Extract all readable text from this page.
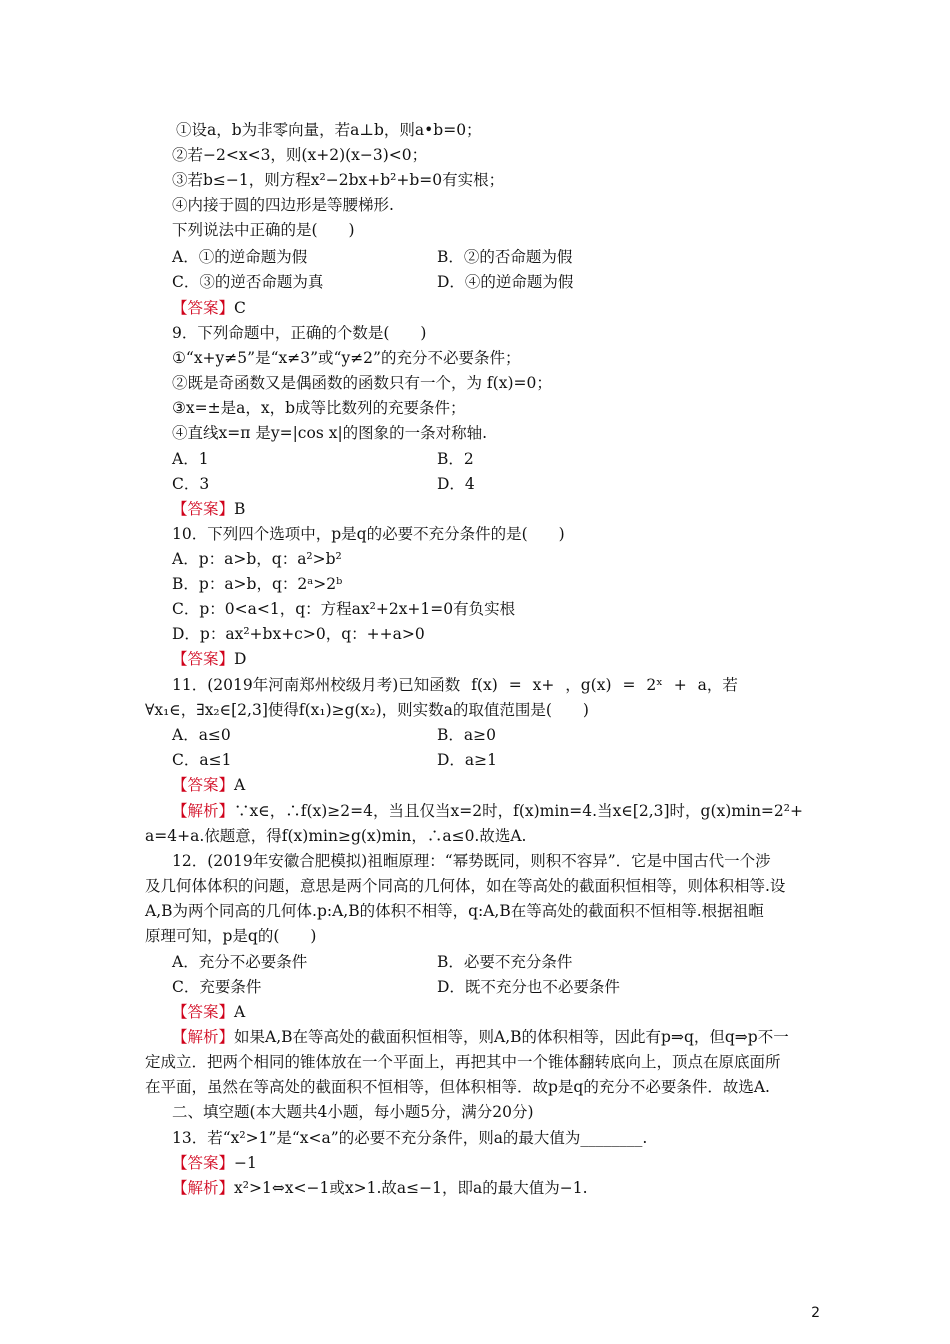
①设a，b为非零向量，若a⊥b，则a•b=0；
②若−2<x<3，则(x+2)(x−3)<0；
③若b≤−1，则方程x²−2bx+b²+b=0有实根；
④内接于圆的四边形是等腰梯形.
下列说法中正确的是(　　)
A．①的逆命题为假	B．②的否命题为假
C．③的逆否命题为真	D．④的逆命题为假
【答案】C
9．下列命题中，正确的个数是(　　)
①“x+y≠5”是“x≠3”或“y≠2”的充分不必要条件；
②既是奇函数又是偶函数的函数只有一个，为 f(x)=0；
③x=±是a，x，b成等比数列的充要条件；
④直线x=π 是y=|cos x|的图象的一条对称轴.
A．1	B．2
C．3	D．4
【答案】B
10．下列四个选项中，p是q的必要不充分条件的是(　　)
A．p：a>b，q：a²>b²
B．p：a>b，q：2ᵃ>2ᵇ
C．p：0<a<1，q：方程ax²+2x+1=0有负实根
D．p：ax²+bx+c>0，q：++a>0
【答案】D
11．(2019年河南郑州校级月考)已知函数 f(x) = x+ ，g(x) = 2ˣ + a，若
∀x₁∈，∃x₂∈[2,3]使得f(x₁)≥g(x₂)，则实数a的取值范围是(　　)
A．a≤0	B．a≥0
C．a≤1	D．a≥1
【答案】A
【解析】∵x∈，∴f(x)≥2=4，当且仅当x=2时，f(x)min=4.当x∈[2,3]时，g(x)min=2²+
a=4+a.依题意，得f(x)min≥g(x)min，∴a≤0.故选A.
12．(2019年安徽合肥模拟)祖暅原理：“幂势既同，则积不容异”．它是中国古代一个涉
及几何体体积的问题，意思是两个同高的几何体，如在等高处的截面积恒相等，则体积相等.设
A,B为两个同高的几何体.p:A,B的体积不相等，q:A,B在等高处的截面积不恒相等.根据祖暅
原理可知，p是q的(　　)
A．充分不必要条件	B．必要不充分条件
C．充要条件	D．既不充分也不必要条件
【答案】A
【解析】如果A,B在等高处的截面积恒相等，则A,B的体积相等，因此有p⇒q，但q⇒p不一
定成立．把两个相同的锥体放在一个平面上，再把其中一个锥体翻转底向上，顶点在原底面所
在平面，虽然在等高处的截面积不恒相等，但体积相等．故p是q的充分不必要条件．故选A.
二、填空题(本大题共4小题，每小题5分，满分20分)
13．若“x²>1”是“x<a”的必要不充分条件，则a的最大值为________.
【答案】−1
【解析】x²>1⇔x<−1或x>1.故a≤−1，即a的最大值为−1.
2
